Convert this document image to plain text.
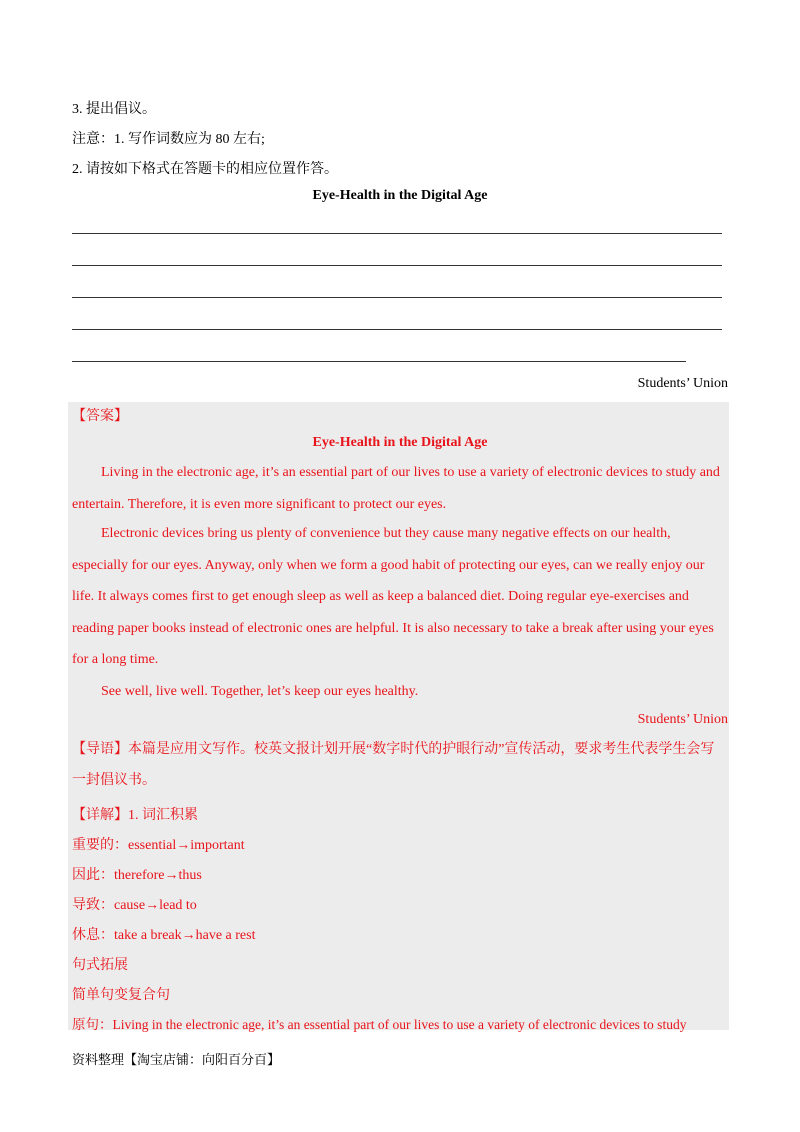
3. 提出倡议。
注意：1. 写作词数应为 80 左右;
2. 请按如下格式在答题卡的相应位置作答。
Eye-Health in the Digital Age
Students’ Union
【答案】
Eye-Health in the Digital Age

Living in the electronic age, it’s an essential part of our lives to use a variety of electronic devices to study and entertain. Therefore, it is even more significant to protect our eyes.

Electronic devices bring us plenty of convenience but they cause many negative effects on our health, especially for our eyes. Anyway, only when we form a good habit of protecting our eyes, can we really enjoy our life. It always comes first to get enough sleep as well as keep a balanced diet. Doing regular eye-exercises and reading paper books instead of electronic ones are helpful. It is also necessary to take a break after using your eyes for a long time.

See well, live well. Together, let’s keep our eyes healthy.

Students’ Union

【导语】本篇是应用文写作。校英文报计划开展“数字时代的护眼行动”宣传活动，要求考生代表学生会写一封倡议书。

【详解】1. 词汇积累
重要的：essential→important
因此：therefore→thus
导致：cause→lead to
休息：take a break→have a rest
句式拓展
简单句变复合句
原句：Living in the electronic age, it’s an essential part of our lives to use a variety of electronic devices to study
资料整理【淘宝店铺：向阳百分百】
